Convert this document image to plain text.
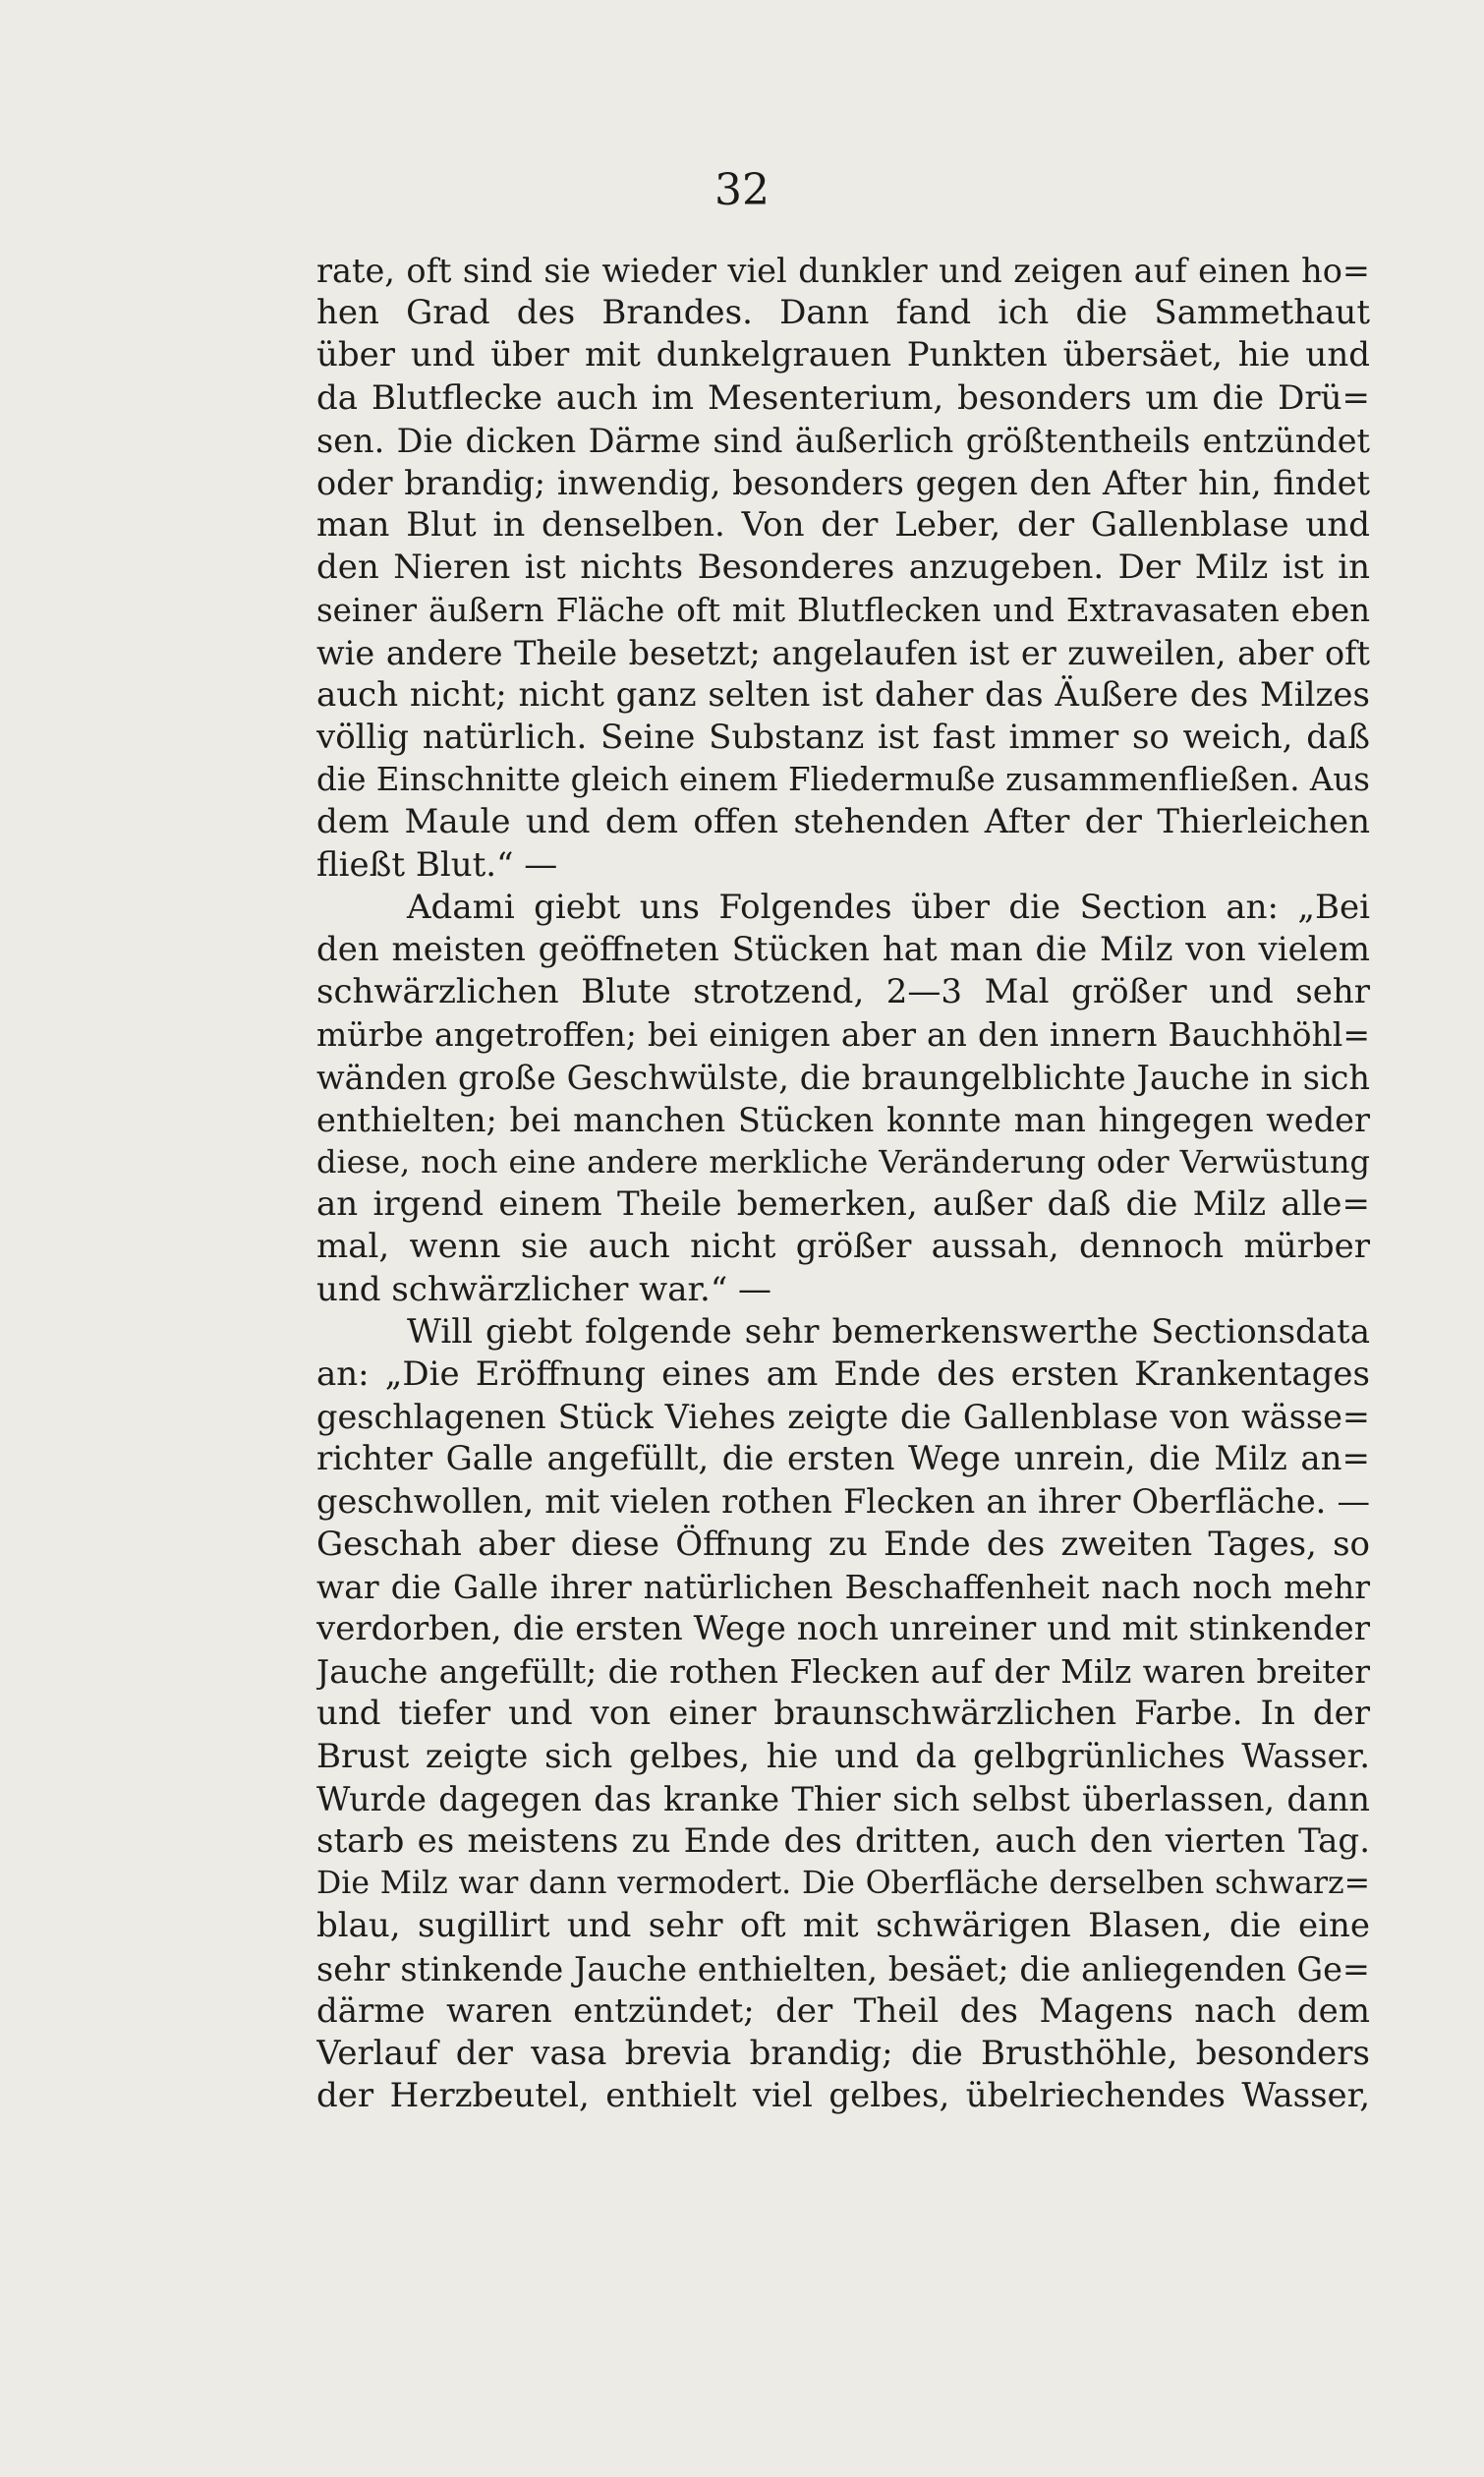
32
rate, oft sind sie wieder viel dunkler und zeigen auf einen ho=
hen Grad des Brandes. Dann fand ich die Sammethaut
über und über mit dunkelgrauen Punkten übersäet, hie und
da Blutflecke auch im Mesenterium, besonders um die Drü=
sen. Die dicken Därme sind äußerlich größtentheils entzündet
oder brandig; inwendig, besonders gegen den After hin, findet
man Blut in denselben. Von der Leber, der Gallenblase und
den Nieren ist nichts Besonderes anzugeben. Der Milz ist in
seiner äußern Fläche oft mit Blutflecken und Extravasaten eben
wie andere Theile besetzt; angelaufen ist er zuweilen, aber oft
auch nicht; nicht ganz selten ist daher das Äußere des Milzes
völlig natürlich. Seine Substanz ist fast immer so weich, daß
die Einschnitte gleich einem Fliedermuße zusammenfließen. Aus
dem Maule und dem offen stehenden After der Thierleichen
fließt Blut.“ —
Adami giebt uns Folgendes über die Section an: „Bei
den meisten geöffneten Stücken hat man die Milz von vielem
schwärzlichen Blute strotzend, 2—3 Mal größer und sehr
mürbe angetroffen; bei einigen aber an den innern Bauchhöhl=
wänden große Geschwülste, die braungelblichte Jauche in sich
enthielten; bei manchen Stücken konnte man hingegen weder
diese, noch eine andere merkliche Veränderung oder Verwüstung
an irgend einem Theile bemerken, außer daß die Milz alle=
mal, wenn sie auch nicht größer aussah, dennoch mürber
und schwärzlicher war.“ —
Will giebt folgende sehr bemerkenswerthe Sectionsdata
an: „Die Eröffnung eines am Ende des ersten Krankentages
geschlagenen Stück Viehes zeigte die Gallenblase von wässe=
richter Galle angefüllt, die ersten Wege unrein, die Milz an=
geschwollen, mit vielen rothen Flecken an ihrer Oberfläche. —
Geschah aber diese Öffnung zu Ende des zweiten Tages, so
war die Galle ihrer natürlichen Beschaffenheit nach noch mehr
verdorben, die ersten Wege noch unreiner und mit stinkender
Jauche angefüllt; die rothen Flecken auf der Milz waren breiter
und tiefer und von einer braunschwärzlichen Farbe. In der
Brust zeigte sich gelbes, hie und da gelbgrünliches Wasser.
Wurde dagegen das kranke Thier sich selbst überlassen, dann
starb es meistens zu Ende des dritten, auch den vierten Tag.
Die Milz war dann vermodert. Die Oberfläche derselben schwarz=
blau, sugillirt und sehr oft mit schwärigen Blasen, die eine
sehr stinkende Jauche enthielten, besäet; die anliegenden Ge=
därme waren entzündet; der Theil des Magens nach dem
Verlauf der vasa brevia brandig; die Brusthöhle, besonders
der Herzbeutel, enthielt viel gelbes, übelriechendes Wasser,
